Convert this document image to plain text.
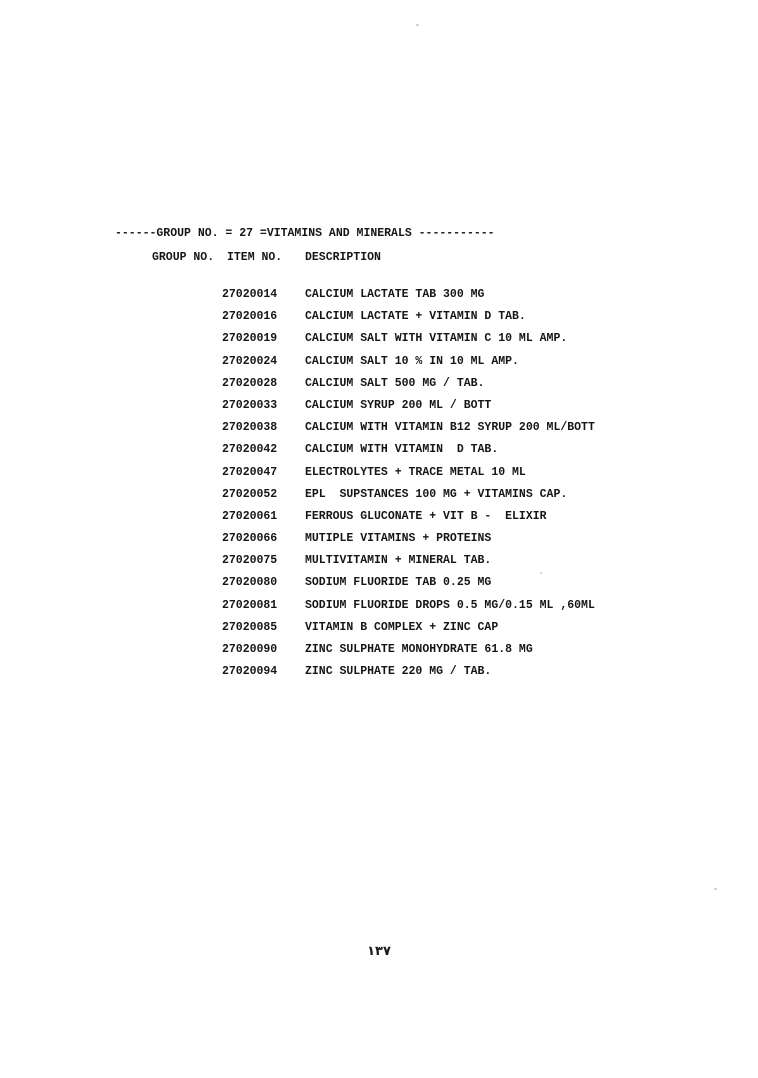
------GROUP NO. = 27 =VITAMINS AND MINERALS -----------
GROUP NO. ITEM NO. DESCRIPTION
27020014 CALCIUM LACTATE TAB 300 MG
27020016 CALCIUM LACTATE + VITAMIN D TAB.
27020019 CALCIUM SALT WITH VITAMIN C 10 ML AMP.
27020024 CALCIUM SALT 10 % IN 10 ML AMP.
27020028 CALCIUM SALT 500 MG / TAB.
27020033 CALCIUM SYRUP 200 ML / BOTT
27020038 CALCIUM WITH VITAMIN B12 SYRUP 200 ML/BOTT
27020042 CALCIUM WITH VITAMIN  D TAB.
27020047 ELECTROLYTES + TRACE METAL 10 ML
27020052 EPL  SUPSTANCES 100 MG + VITAMINS CAP.
27020061 FERROUS GLUCONATE + VIT B -  ELIXIR
27020066 MUTIPLE VITAMINS + PROTEINS
27020075 MULTIVITAMIN + MINERAL TAB.
27020080 SODIUM FLUORIDE TAB 0.25 MG
27020081 SODIUM FLUORIDE DROPS 0.5 MG/0.15 ML ,60ML
27020085 VITAMIN B COMPLEX + ZINC CAP
27020090 ZINC SULPHATE MONOHYDRATE 61.8 MG
27020094 ZINC SULPHATE 220 MG / TAB.
١٣٧
